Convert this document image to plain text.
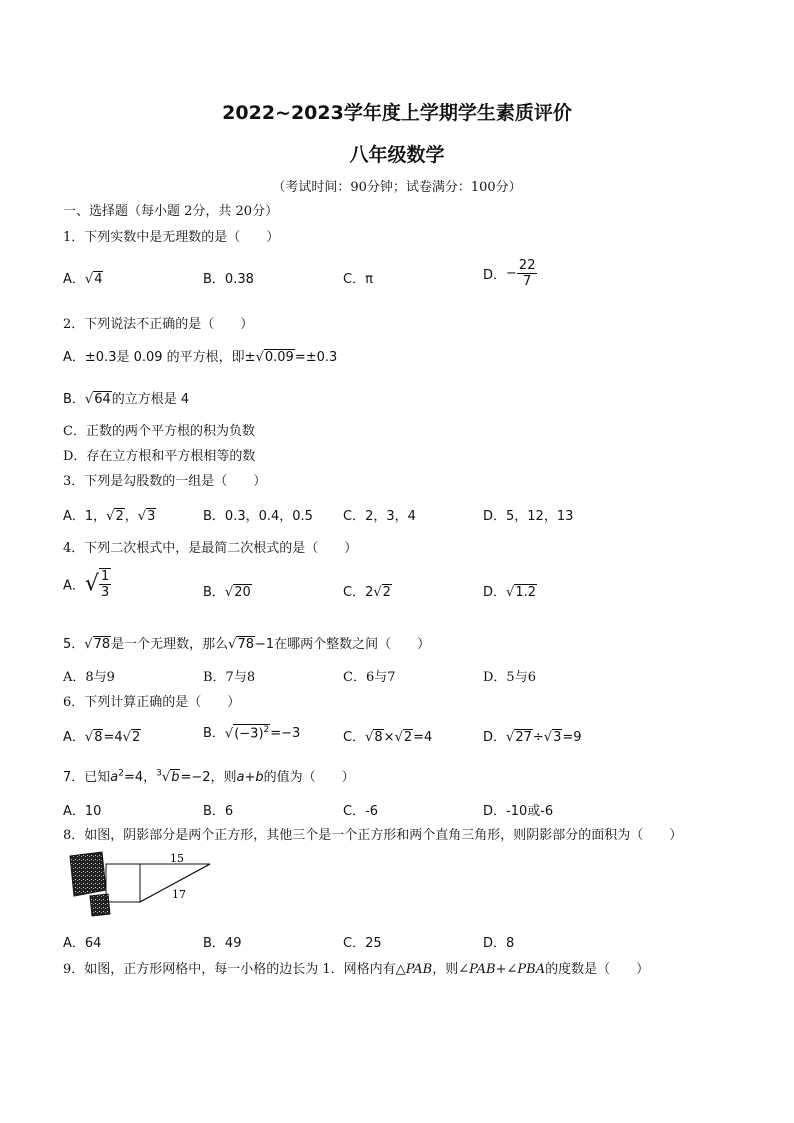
2022~2023学年度上学期学生素质评价
八年级数学
（考试时间：90分钟；试卷满分：100分）
一、选择题（每小题 2分，共 20分）
1．下列实数中是无理数的是（　　）
A．√4	B．0.38	C．π	D．− $\frac{22}{7}$
2．下列说法不正确的是（　　）
A．±0.3是 0.09 的平方根，即±√0.09=±0.3
B．√64的立方根是 4
C．正数的两个平方根的积为负数
D．存在立方根和平方根相等的数
3．下列是勾股数的一组是（　　）
A．1，√2，√3	B．0.3，0.4，0.5 C．2，3，4	D．5，12，13
4．下列二次根式中，是最简二次根式的是（　　）
A．√ $\frac{1}{3}$	B．√20	C．2√2	D．√1.2
5．√78是一个无理数，那么√78−1在哪两个整数之间（　　）
A．8与9	B．7与8	C．6与7	D．5与6
6．下列计算正确的是（　　）
A．√8=4√2	B．$√(-3)^2=-3$	C．√8×√2=4	D．√27÷√3=9
7．已知$a^2=4$，$^3$√b=−2，则a+b的值为（　　）
A．10	B．6	C．-6	D．-10或-6
8．如图，阴影部分是两个正方形，其他三个是一个正方形和两个直角三角形，则阴影部分的面积为（　　）
15
17
A．64	B．49	C．25	D．8
9．如图，正方形网格中，每一小格的边长为 1．网格内有△PAB，则∠PAB+∠PBA的度数是（　　）
